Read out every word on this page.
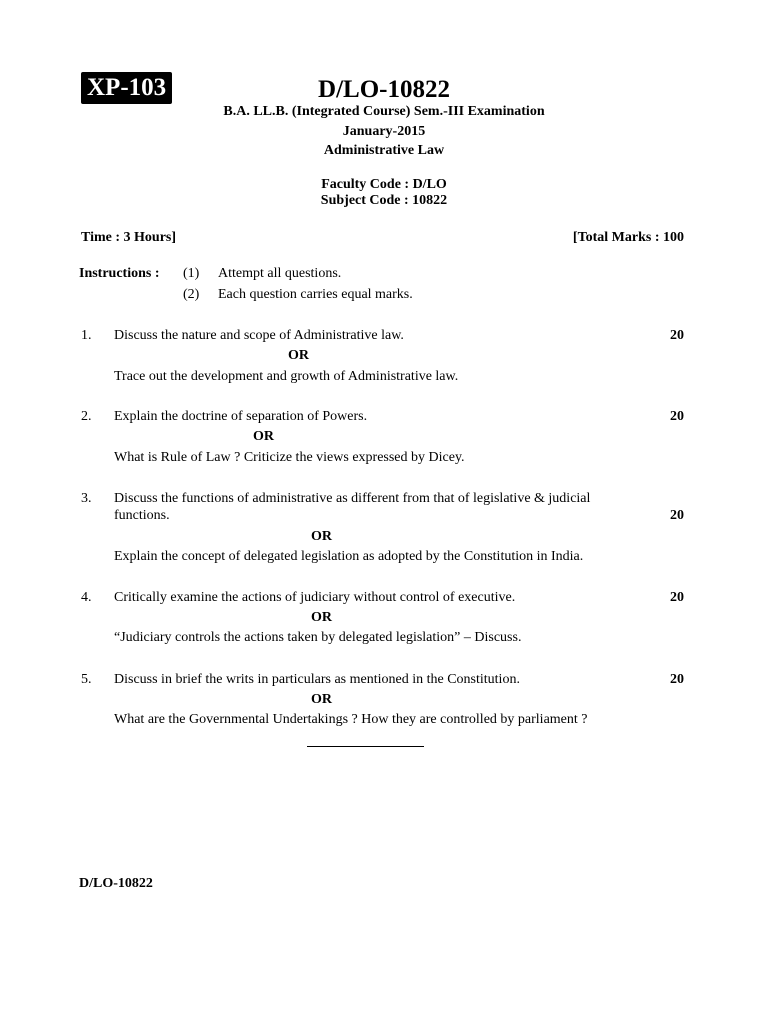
XP-103	D/LO-10822
B.A. LL.B. (Integrated Course) Sem.-III Examination
January-2015
Administrative Law
Faculty Code : D/LO
Subject Code : 10822
Time : 3 Hours]	[Total Marks : 100
Instructions : (1) Attempt all questions.
(2) Each question carries equal marks.
1. Discuss the nature and scope of Administrative law.	20
OR
Trace out the development and growth of Administrative law.
2. Explain the doctrine of separation of Powers.	20
OR
What is Rule of Law ? Criticize the views expressed by Dicey.
3. Discuss the functions of administrative as different from that of legislative & judicial
functions.	20
OR
Explain the concept of delegated legislation as adopted by the Constitution in India.
4. Critically examine the actions of judiciary without control of executive.	20
OR
“Judiciary controls the actions taken by delegated legislation” – Discuss.
5. Discuss in brief the writs in particulars as mentioned in the Constitution.	20
OR
What are the Governmental Undertakings ? How they are controlled by parliament ?
D/LO-10822
